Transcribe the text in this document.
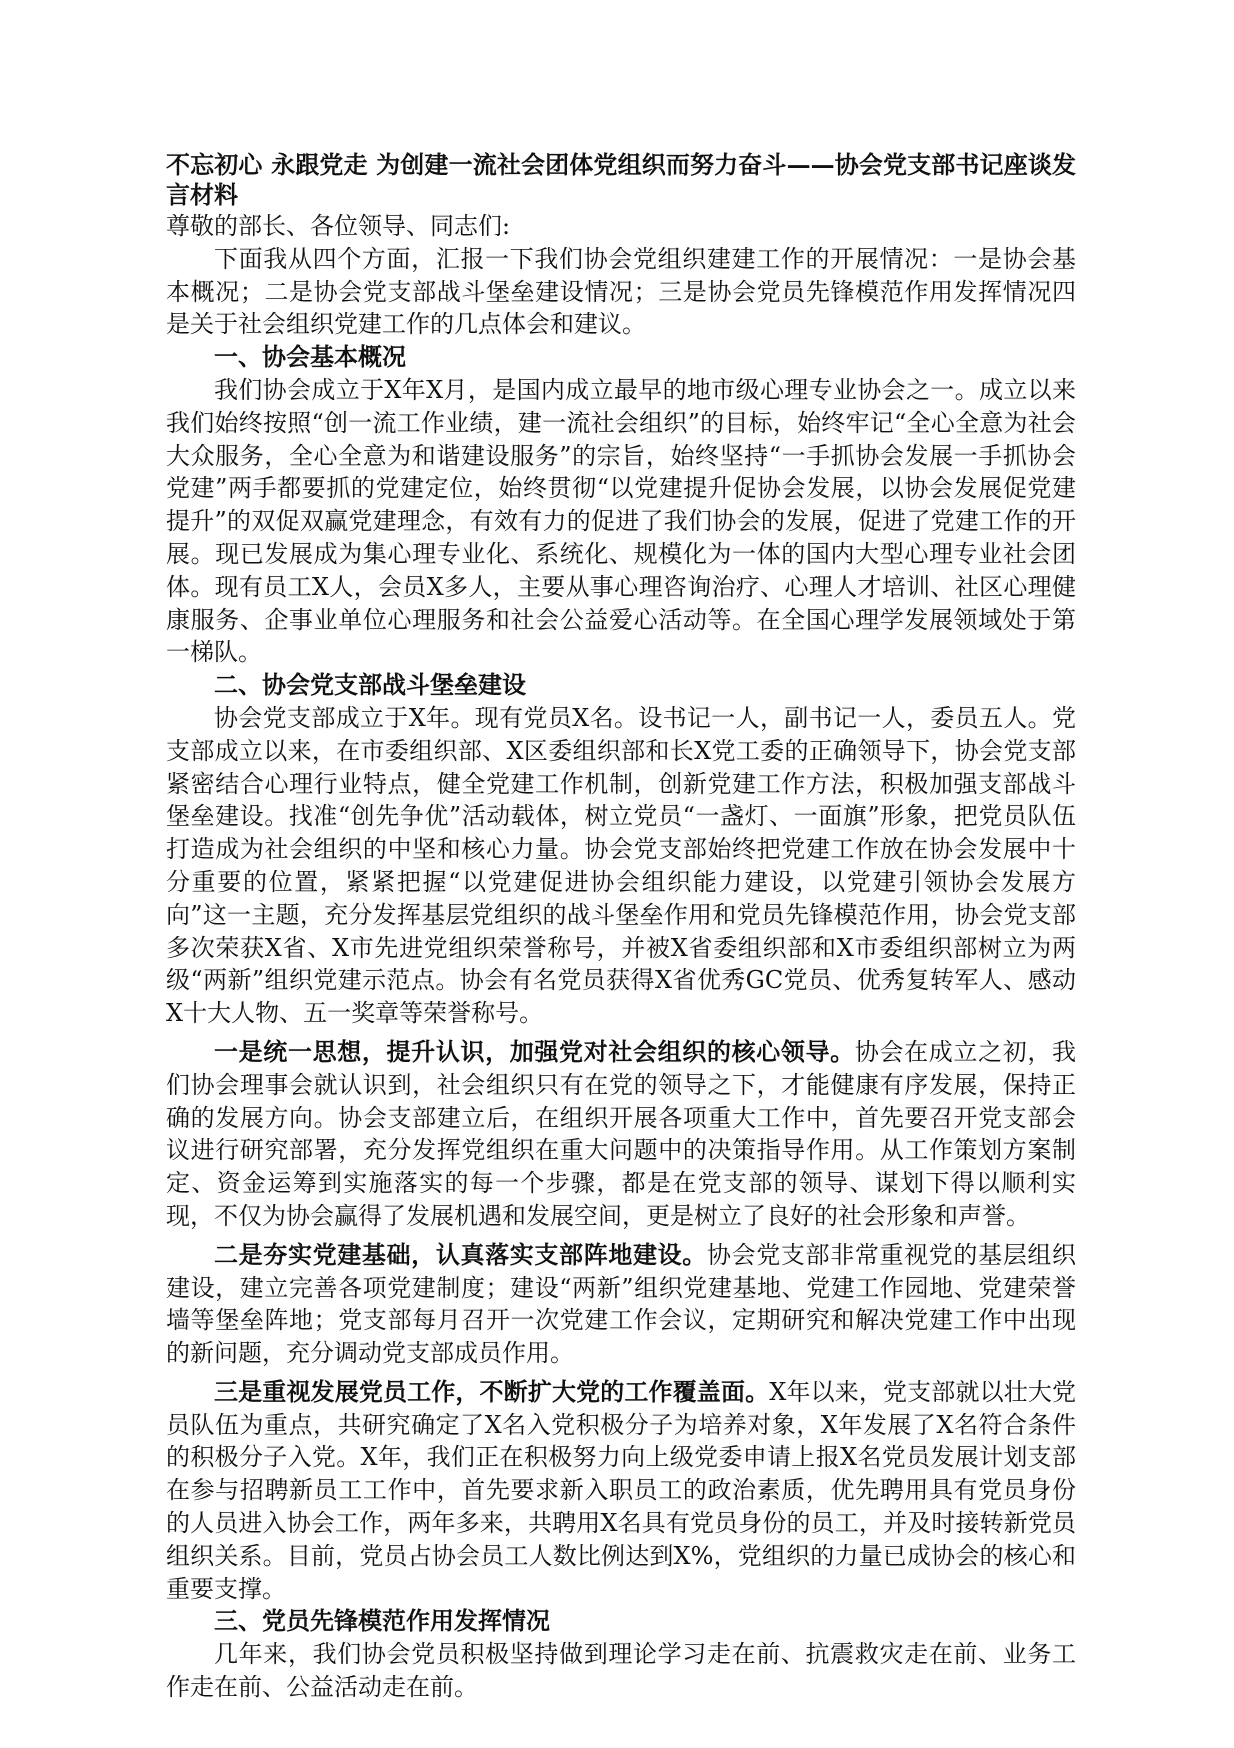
不忘初心 永跟党走 为创建一流社会团体党组织而努力奋斗——协会党支部书记座谈发言材料

尊敬的部长、各位领导、同志们:

下面我从四个方面，汇报一下我们协会党组织建建工作的开展情况：一是协会基本概况；二是协会党支部战斗堡垒建设情况；三是协会党员先锋模范作用发挥情况四是关于社会组织党建工作的几点体会和建议。

一、协会基本概况

我们协会成立于X年X月，是国内成立最早的地市级心理专业协会之一。成立以来我们始终按照“创一流工作业绩，建一流社会组织”的目标，始终牢记“全心全意为社会大众服务，全心全意为和谐建设服务”的宗旨，始终坚持“一手抓协会发展一手抓协会党建”两手都要抓的党建定位，始终贯彻“以党建提升促协会发展，以协会发展促党建提升”的双促双赢党建理念，有效有力的促进了我们协会的发展，促进了党建工作的开展。现已发展成为集心理专业化、系统化、规模化为一体的国内大型心理专业社会团体。现有员工X人，会员X多人，主要从事心理咨询治疗、心理人才培训、社区心理健康服务、企事业单位心理服务和社会公益爱心活动等。在全国心理学发展领域处于第一梯队。

二、协会党支部战斗堡垒建设

协会党支部成立于X年。现有党员X名。设书记一人，副书记一人，委员五人。党支部成立以来，在市委组织部、X区委组织部和长X党工委的正确领导下，协会党支部紧密结合心理行业特点，健全党建工作机制，创新党建工作方法，积极加强支部战斗堡垒建设。找准“创先争优”活动载体，树立党员“一盏灯、一面旗”形象，把党员队伍打造成为社会组织的中坚和核心力量。协会党支部始终把党建工作放在协会发展中十分重要的位置，紧紧把握“以党建促进协会组织能力建设，以党建引领协会发展方向”这一主题，充分发挥基层党组织的战斗堡垒作用和党员先锋模范作用，协会党支部多次荣获X省、X市先进党组织荣誉称号，并被X省委组织部和X市委组织部树立为两级“两新”组织党建示范点。协会有名党员获得X省优秀GC党员、优秀复转军人、感动X十大人物、五一奖章等荣誉称号。

一是统一思想，提升认识，加强党对社会组织的核心领导。协会在成立之初，我们协会理事会就认识到，社会组织只有在党的领导之下，才能健康有序发展，保持正确的发展方向。协会支部建立后，在组织开展各项重大工作中，首先要召开党支部会议进行研究部署，充分发挥党组织在重大问题中的决策指导作用。从工作策划方案制定、资金运筹到实施落实的每一个步骤，都是在党支部的领导、谋划下得以顺利实现，不仅为协会赢得了发展机遇和发展空间，更是树立了良好的社会形象和声誉。

二是夯实党建基础，认真落实支部阵地建设。协会党支部非常重视党的基层组织建设，建立完善各项党建制度；建设“两新”组织党建基地、党建工作园地、党建荣誉墙等堡垒阵地；党支部每月召开一次党建工作会议，定期研究和解决党建工作中出现的新问题，充分调动党支部成员作用。

三是重视发展党员工作，不断扩大党的工作覆盖面。X年以来，党支部就以壮大党员队伍为重点，共研究确定了X名入党积极分子为培养对象，X年发展了X名符合条件的积极分子入党。X年，我们正在积极努力向上级党委申请上报X名党员发展计划支部在参与招聘新员工工作中，首先要求新入职员工的政治素质，优先聘用具有党员身份的人员进入协会工作，两年多来，共聘用X名具有党员身份的员工，并及时接转新党员组织关系。目前，党员占协会员工人数比例达到X%，党组织的力量已成协会的核心和重要支撑。

三、党员先锋模范作用发挥情况

几年来，我们协会党员积极坚持做到理论学习走在前、抗震救灾走在前、业务工作走在前、公益活动走在前。
